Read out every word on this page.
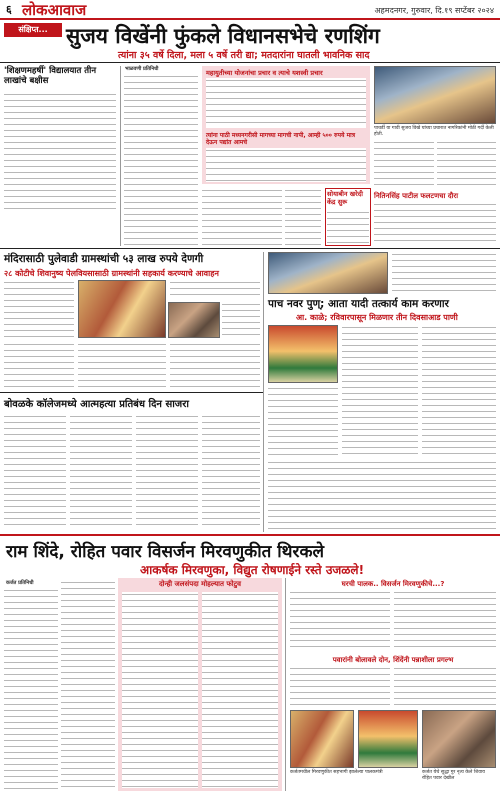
६ लोकआवाज	अहमदनगर, गुरुवार, दि.१९ सप्टेंबर २०२४
संक्षिप्त... सुजय विखेंनी फुंकले विधानसभेचे रणशिंग
त्यांना ३५ वर्षे दिला, मला ५ वर्षे तरी द्या; मतदारांना घातली भावनिक साद
'शिक्षणमहर्षी' विद्यालयात तीन लाखांचे बक्षीस
भाळवणी प्रतिनिधी	महायुतीच्या योजनांचा प्रचार व त्याचे यशस्वी प्रचार
त्यांना पाठी मध्यनगरीसी मागच्या मागची नापी, आम्ही ५०० रुपये मात्र देऊन पद्यांत आमचे
सोयाबीन खरेदी केंद्र सुरू
नितिनसिंह पाटील फलटणचा दौरा
मंदिरासाठी पुलेवाडी ग्रामस्थांची ५३ लाख रुपये देणगी
२८ कोटीचे शिवानुष्य पेलवियसासाठी ग्रामस्थांनी सहकार्य करण्याचे आवाहन
पाच नवर पुण्; आता यादी तत्कार्य काम करणार
आ. काळे; रविवारपासून मिळणार तीन दिवसाआड पाणी
बोवळके कॉलेजमध्ये आत्महत्या प्रतिबंध दिन साजरा
राम शिंदे, रोहित पवार विसर्जन मिरवणुकीत थिरकले
आकर्षक मिरवणुका, विद्युत रोषणाईने रस्ते उजळले!
कर्जत प्रतिनिधी	दोन्ही जलसंपदा मोहल्यात फोटुव	घरची पालक.. विसर्जन मिरवणुकीचे...?
पवारांनी बोलावले दोन, शिंदेंनी पन्नाशीला प्रगल्भ
कर्जतमधील मिरवणुकीत सहभागी झालेल्या पालकमंत्री	कर्जत येथे सुद्धा गुर नृत्य केले शिवाय रोहित पवार देखील
पाथर्डी या गावी सुजय विखे यांच्या प्रचारात नागरिकांनी मोठी गर्दी केली होती.
